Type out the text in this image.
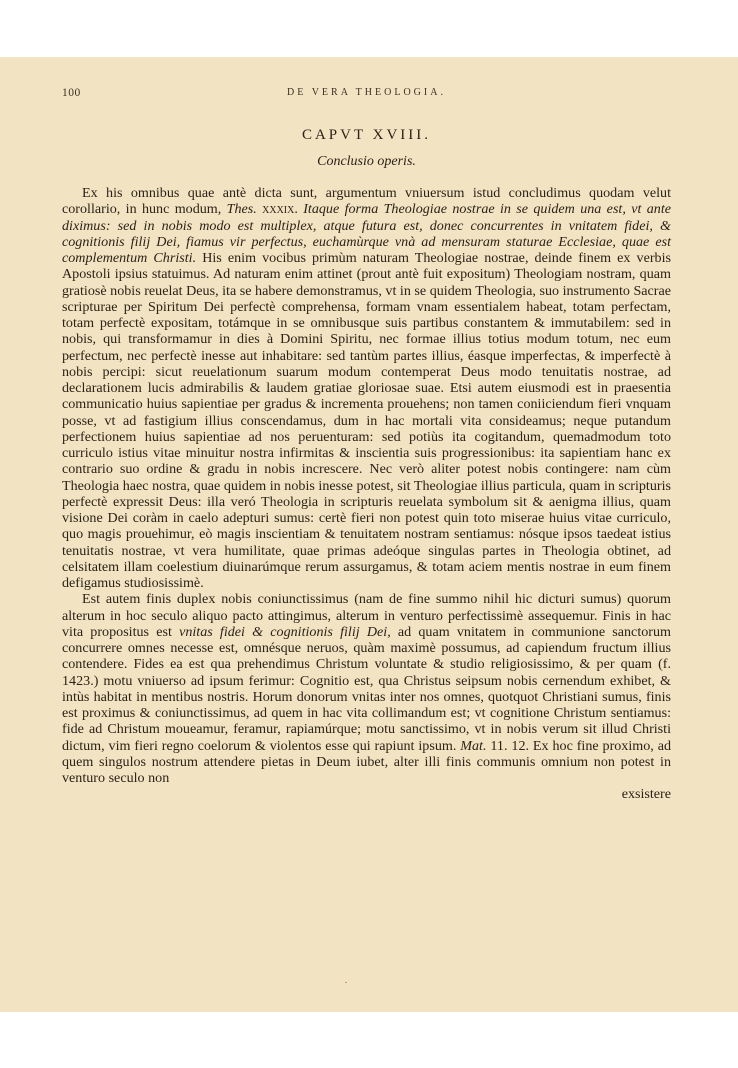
100	DE VERA THEOLOGIA.
CAPVT XVIII.
Conclusio operis.

Ex his omnibus quae antè dicta sunt, argumentum vniuersum istud concludimus quodam velut corollario, in hunc modum, Thes. xxxix. Itaque forma Theologiae nostrae in se quidem una est, vt ante diximus: sed in nobis modo est multiplex, atque futura est, donec concurrentes in vnitatem fidei, & cognitionis filij Dei, fiamus vir perfectus, euchamùrque vnà ad mensuram staturae Ecclesiae, quae est complementum Christi. His enim vocibus primùm naturam Theologiae nostrae, deinde finem ex verbis Apostoli ipsius statuimus. Ad naturam enim attinet (prout antè fuit expositum) Theologiam nostram, quam gratiosè nobis reuelat Deus, ita se habere demonstramus, vt in se quidem Theologia, suo instrumento Sacrae scripturae per Spiritum Dei perfectè comprehensa, formam vnam essentialem habeat, totam perfectam, totam perfectè expositam, totámque in se omnibusque suis partibus constantem & immutabilem: sed in nobis, qui transformamur in dies à Domini Spiritu, nec formae illius totius modum totum, nec eum perfectum, nec perfectè inesse aut inhabitare: sed tantùm partes illius, éasque imperfectas, & imperfectè à nobis percipi: sicut reuelationum suarum modum contemperat Deus modo tenuitatis nostrae, ad declarationem lucis admirabilis & laudem gratiae gloriosae suae. Etsi autem eiusmodi est in praesentia communicatio huius sapientiae per gradus & incrementa prouehens; non tamen coniiciendum fieri vnquam posse, vt ad fastigium illius conscendamus, dum in hac mortali vita consideamus; neque putandum perfectionem huius sapientiae ad nos peruenturam: sed potiùs ita cogitandum, quemadmodum toto curriculo istius vitae minuitur nostra infirmitas & inscientia suis progressionibus: ita sapientiam hanc ex contrario suo ordine & gradu in nobis increscere. Nec verò aliter potest nobis contingere: nam cùm Theologia haec nostra, quae quidem in nobis inesse potest, sit Theologiae illius particula, quam in scripturis perfectè expressit Deus: illa veró Theologia in scripturis reuelata symbolum sit & aenigma illius, quam visione Dei coràm in caelo adepturi sumus: certè fieri non potest quin toto miserae huius vitae curriculo, quo magis prouehimur, eò magis inscientiam & tenuitatem nostram sentiamus: nósque ipsos taedeat istius tenuitatis nostrae, vt vera humilitate, quae primas adeóque singulas partes in Theologia obtinet, ad celsitatem illam coelestium diuinarúmque rerum assurgamus, & totam aciem mentis nostrae in eum finem defigamus studiosissimè.

Est autem finis duplex nobis coniunctissimus (nam de fine summo nihil hic dicturi sumus) quorum alterum in hoc seculo aliquo pacto attingimus, alterum in venturo perfectissimè assequemur. Finis in hac vita propositus est vnitas fidei & cognitionis filij Dei, ad quam vnitatem in communione sanctorum concurrere omnes necesse est, omnésque neruos, quàm maximè possumus, ad capiendum fructum illius contendere. Fides ea est qua prehendimus Christum voluntate & studio religiosissimo, & per quam (f. 1423.) motu vniuerso ad ipsum ferimur: Cognitio est, qua Christus seipsum nobis cernendum exhibet, & intùs habitat in mentibus nostris. Horum donorum vnitas inter nos omnes, quotquot Christiani sumus, finis est proximus & coniunctissimus, ad quem in hac vita collimandum est; vt cognitione Christum sentiamus: fide ad Christum moueamur, feramur, rapiamúrque; motu sanctissimo, vt in nobis verum sit illud Christi dictum, vim fieri regno coelorum & violentos esse qui rapiunt ipsum. Mat. 11. 12. Ex hoc fine proximo, ad quem singulos nostrum attendere pietas in Deum iubet, alter illi finis communis omnium non potest in venturo seculo non

exsistere
